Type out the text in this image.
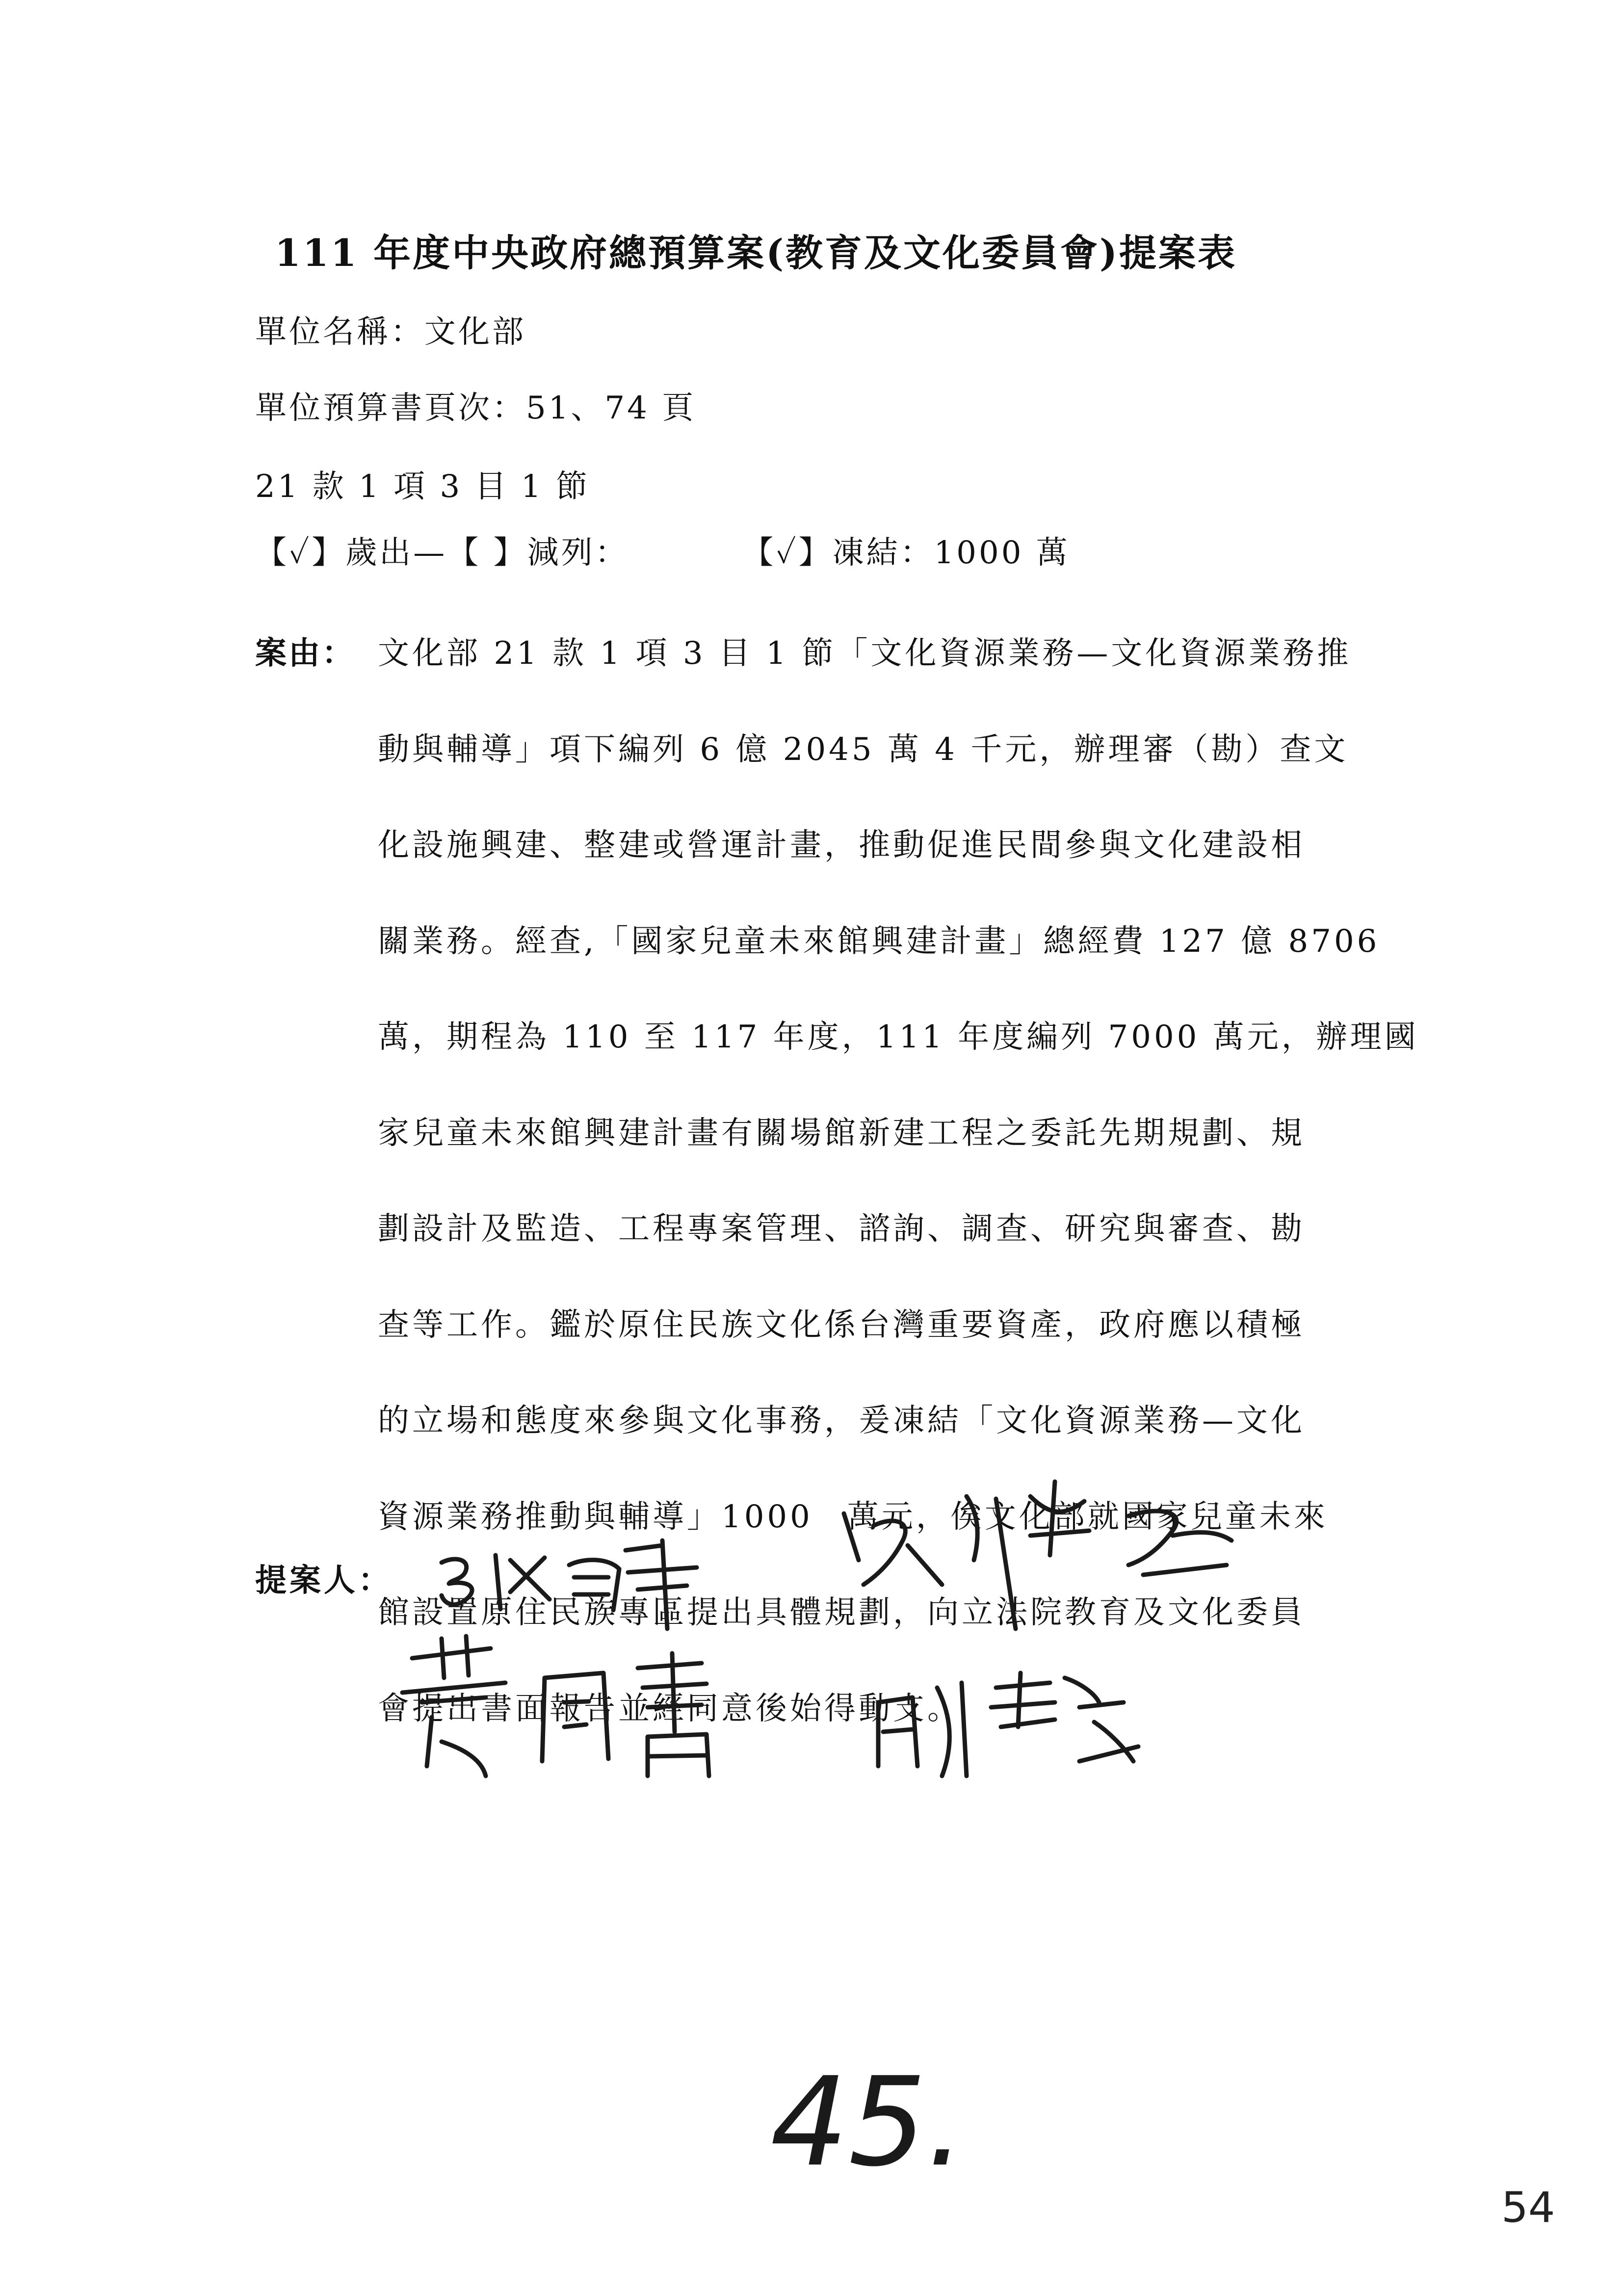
111 年度中央政府總預算案(教育及文化委員會)提案表
單位名稱：文化部
單位預算書頁次：51、74 頁
21 款 1 項 3 目 1 節
【✓】歲出—【 】減列：	【✓】凍結：1000 萬
案由： 文化部 21 款 1 項 3 目 1 節「文化資源業務—文化資源業務推
動與輔導」項下編列 6 億 2045 萬 4 千元，辦理審（勘）查文
化設施興建、整建或營運計畫，推動促進民間參與文化建設相
關業務。經查,「國家兒童未來館興建計畫」總經費 127 億 8706
萬，期程為 110 至 117 年度，111 年度編列 7000 萬元，辦理國
家兒童未來館興建計畫有關場館新建工程之委託先期規劃、規
劃設計及監造、工程專案管理、諮詢、調查、研究與審查、勘
查等工作。鑑於原住民族文化係台灣重要資產，政府應以積極
的立場和態度來參與文化事務，爰凍結「文化資源業務—文化
資源業務推動與輔導」1000　萬元，俟文化部就國家兒童未來
館設置原住民族專區提出具體規劃，向立法院教育及文化委員
會提出書面報告並經同意後始得動支。
提案人：
45.
54
